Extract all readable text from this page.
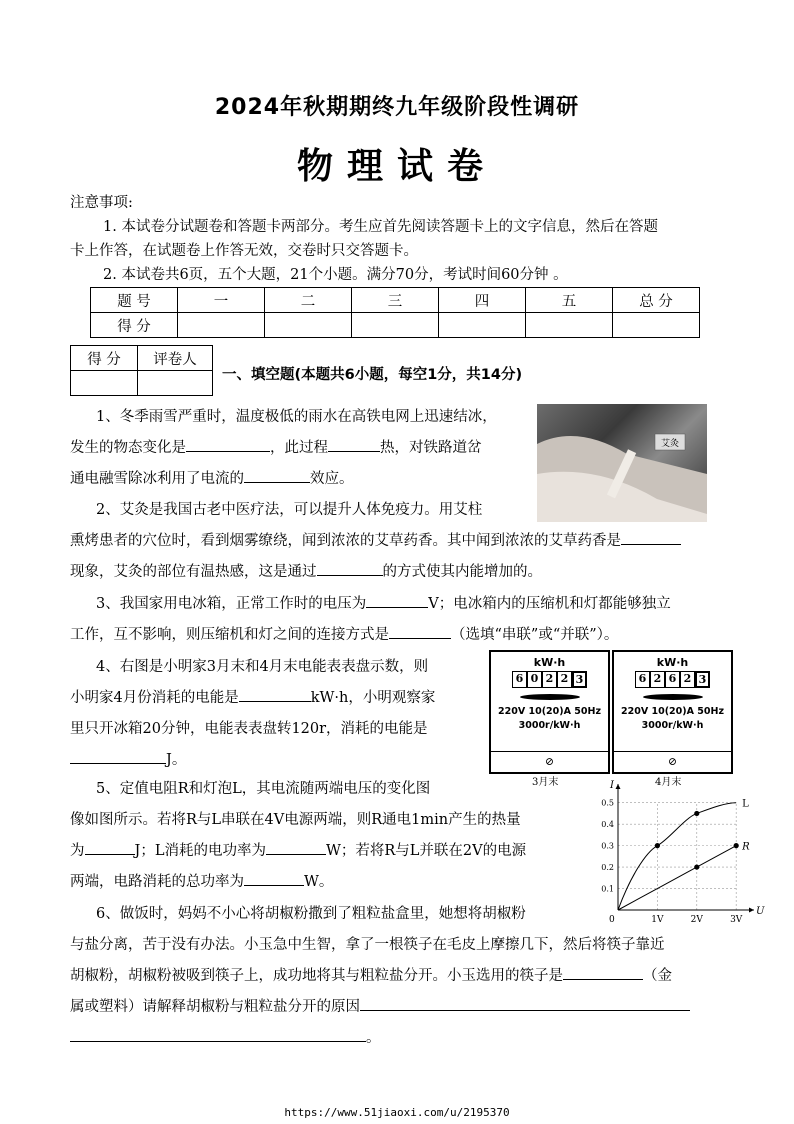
2024年秋期期终九年级阶段性调研
物理试卷
注意事项:
1. 本试卷分试题卷和答题卡两部分。考生应首先阅读答题卡上的文字信息，然后在答题
卡上作答，在试题卷上作答无效，交卷时只交答题卡。
2. 本试卷共6页，五个大题，21个小题。满分70分，考试时间60分钟 。
题 号	一	二	三	四	五	总 分
得 分						
得 分	评卷人

一、填空题(本题共6小题，每空1分，共14分)
1、冬季雨雪严重时，温度极低的雨水在高铁电网上迅速结冰，
发生的物态变化是	，此过程	热，对铁路道岔
通电融雪除冰利用了电流的	效应。
艾灸
2、艾灸是我国古老中医疗法，可以提升人体免疫力。用艾柱
熏烤患者的穴位时，看到烟雾缭绕，闻到浓浓的艾草药香。其中闻到浓浓的艾草药香是
现象，艾灸的部位有温热感，这是通过	的方式使其内能增加的。
3、我国家用电冰箱，正常工作时的电压为	V；电冰箱内的压缩机和灯都能够独立
工作，互不影响，则压缩机和灯之间的连接方式是	（选填“串联”或“并联”）。
4、右图是小明家3月末和4月末电能表表盘示数，则
小明家4月份消耗的电能是	kW·h，小明观察家
里只开冰箱20分钟，电能表表盘转120r，消耗的电能是
J。
kW·h
6 0 2 2 3
220V 10(20)A 50Hz
3000r/kW·h
⊘
3月末
kW·h
6 2 6 2 3
220V 10(20)A 50Hz
3000r/kW·h
⊘
4月末
5、定值电阻R和灯泡L，其电流随两端电压的变化图
像如图所示。若将R与L串联在4V电源两端，则R通电1min产生的热量
为	J；L消耗的电功率为	W；若将R与L并联在2V的电源
两端，电路消耗的总功率为	W。
U
I
0
0.1
0.2
0.3
0.4
0.5
1V	2V	3V
L
R
6、做饭时，妈妈不小心将胡椒粉撒到了粗粒盐盒里，她想将胡椒粉
与盐分离，苦于没有办法。小玉急中生智，拿了一根筷子在毛皮上摩擦几下，然后将筷子靠近
胡椒粉，胡椒粉被吸到筷子上，成功地将其与粗粒盐分开。小玉选用的筷子是	（金
属或塑料）请解释胡椒粉与粗粒盐分开的原因
。
https://www.51jiaoxi.com/u/2195370
